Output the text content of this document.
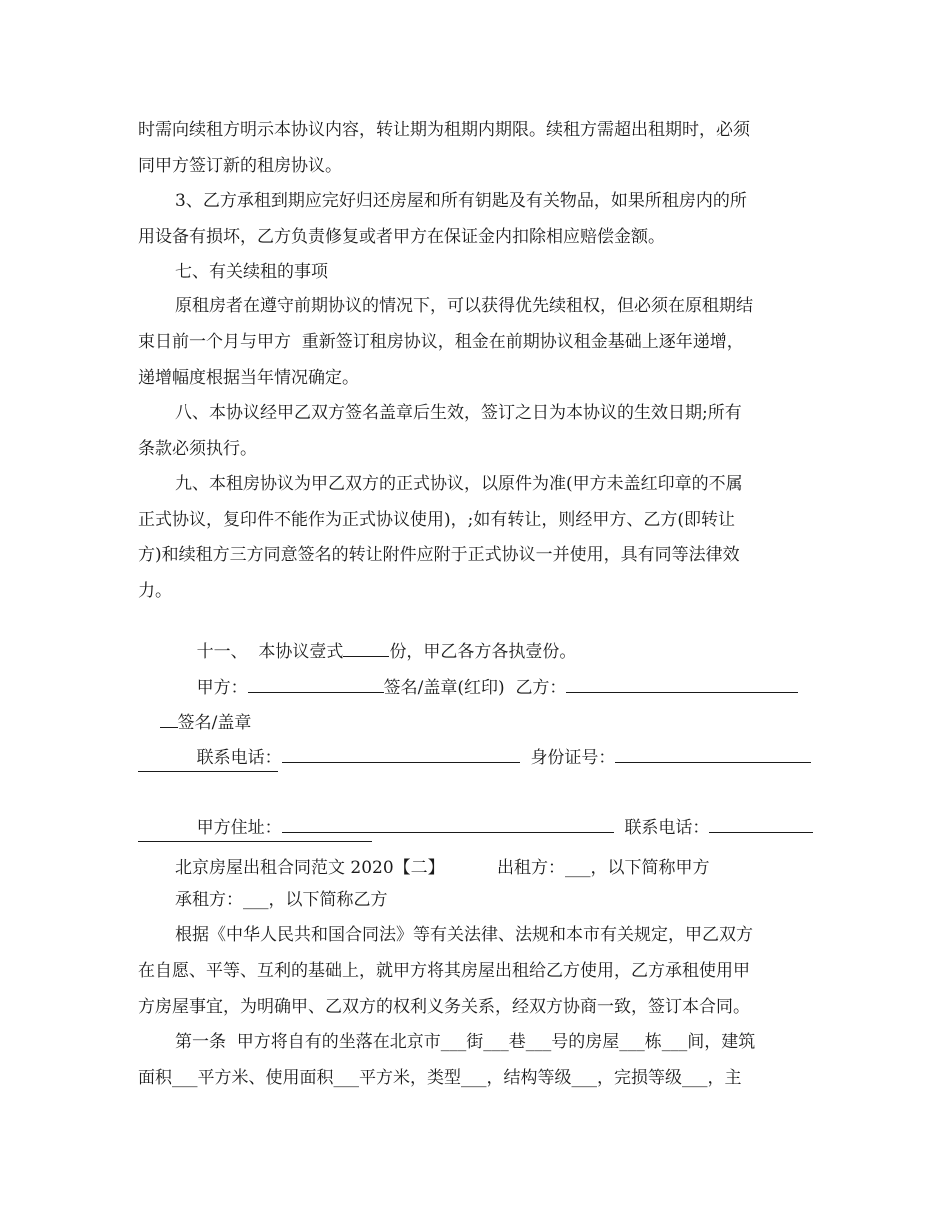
时需向续租方明示本协议内容，转让期为租期内期限。续租方需超出租期时，必须
同甲方签订新的租房协议。
3、乙方承租到期应完好归还房屋和所有钥匙及有关物品，如果所租房内的所
用设备有损坏，乙方负责修复或者甲方在保证金内扣除相应赔偿金额。
七、有关续租的事项
原租房者在遵守前期协议的情况下，可以获得优先续租权，但必须在原租期结
束日前一个月与甲方  重新签订租房协议，租金在前期协议租金基础上逐年递增，
递增幅度根据当年情况确定。
八、本协议经甲乙双方签名盖章后生效，签订之日为本协议的生效日期;所有
条款必须执行。
九、本租房协议为甲乙双方的正式协议，以原件为准(甲方未盖红印章的不属
正式协议，复印件不能作为正式协议使用)，;如有转让，则经甲方、乙方(即转让
方)和续租方三方同意签名的转让附件应附于正式协议一并使用，具有同等法律效
力。

十一、  本协议壹式	份，甲乙各方各执壹份。

甲方：	签名/盖章(红印) 乙方：

签名/盖章

联系电话：	身份证号：

甲方住址：	联系电话：

北京房屋出租合同范文 2020【二】	出租方：___，以下简称甲方
承租方：___，以下简称乙方
根据《中华人民共和国合同法》等有关法律、法规和本市有关规定，甲乙双方
在自愿、平等、互利的基础上，就甲方将其房屋出租给乙方使用，乙方承租使用甲
方房屋事宜，为明确甲、乙双方的权利义务关系，经双方协商一致，签订本合同。
第一条  甲方将自有的坐落在北京市___街___巷___号的房屋___栋___间，建筑
面积___平方米、使用面积___平方米，类型___，结构等级___，完损等级___，主
